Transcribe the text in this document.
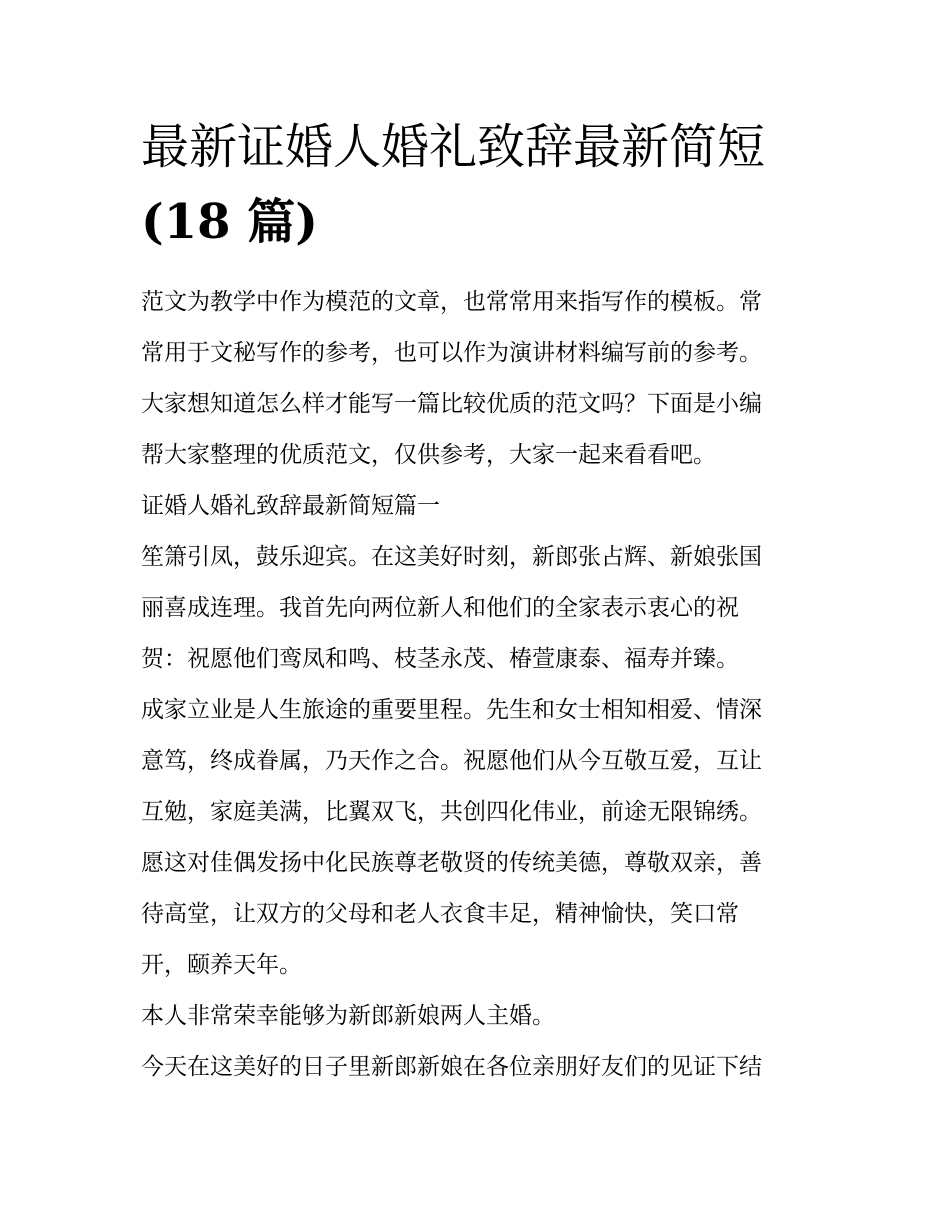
最新证婚人婚礼致辞最新简短
(18 篇)
范文为教学中作为模范的文章，也常常用来指写作的模板。常
常用于文秘写作的参考，也可以作为演讲材料编写前的参考。
大家想知道怎么样才能写一篇比较优质的范文吗？下面是小编
帮大家整理的优质范文，仅供参考，大家一起来看看吧。
证婚人婚礼致辞最新简短篇一
笙箫引凤，鼓乐迎宾。在这美好时刻，新郎张占辉、新娘张国
丽喜成连理。我首先向两位新人和他们的全家表示衷心的祝
贺：祝愿他们鸾凤和鸣、枝茎永茂、椿萱康泰、福寿并臻。
成家立业是人生旅途的重要里程。先生和女士相知相爱、情深
意笃，终成眷属，乃天作之合。祝愿他们从今互敬互爱，互让
互勉，家庭美满，比翼双飞，共创四化伟业，前途无限锦绣。
愿这对佳偶发扬中化民族尊老敬贤的传统美德，尊敬双亲，善
待高堂，让双方的父母和老人衣食丰足，精神愉快，笑口常
开，颐养天年。
本人非常荣幸能够为新郎新娘两人主婚。
今天在这美好的日子里新郎新娘在各位亲朋好友们的见证下结
